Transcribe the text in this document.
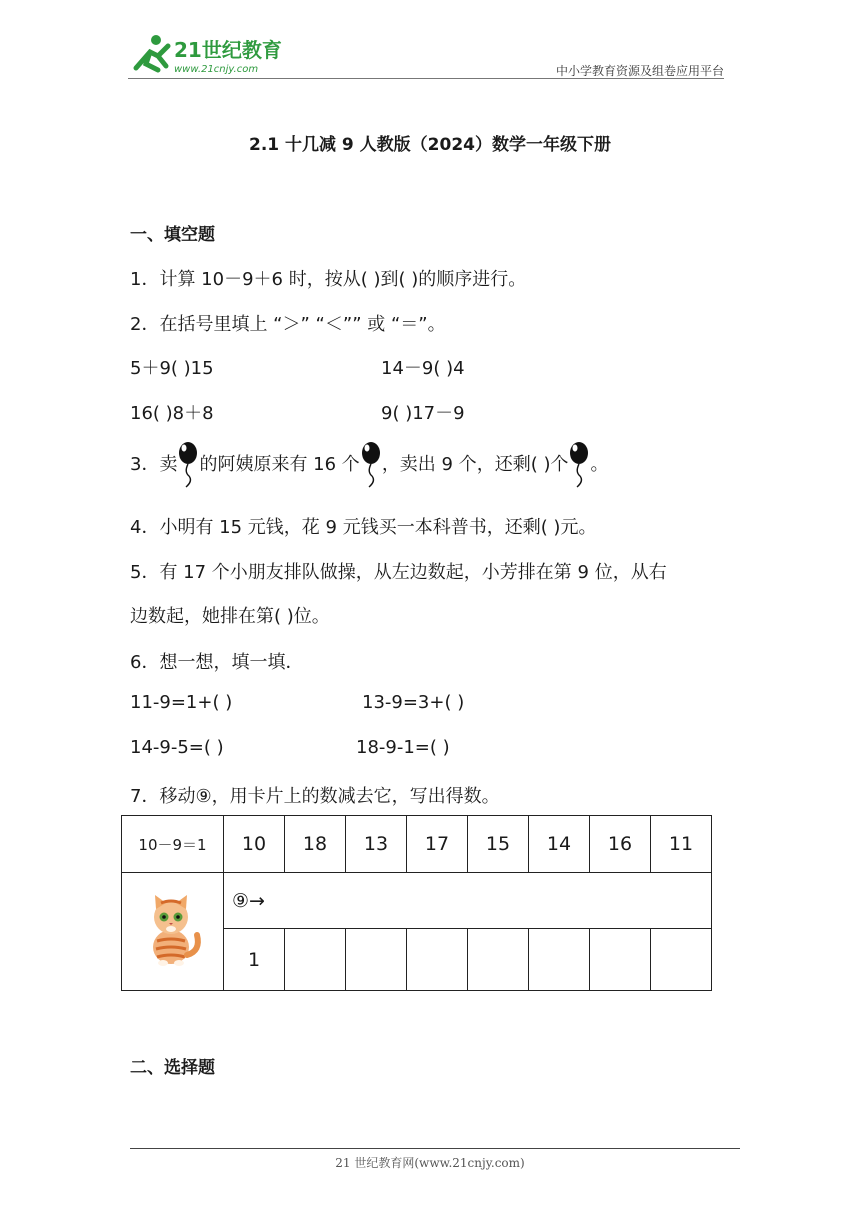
21世纪教育
www.21cnjy.com	中小学教育资源及组卷应用平台
2.1 十几减 9 人教版（2024）数学一年级下册
一、填空题
1．计算 10－9＋6 时，按从( )到( )的顺序进行。
2．在括号里填上 “＞” “＜”” 或 “＝”。
5＋9( )15	14－9( )4
16( )8＋8	9( )17－9
3．卖 的阿姨原来有 16 个 ，卖出 9 个，还剩( )个 。
4．小明有 15 元钱，花 9 元钱买一本科普书，还剩( )元。
5．有 17 个小朋友排队做操，从左边数起，小芳排在第 9 位，从右
边数起，她排在第( )位。
6．想一想，填一填．
11-9=1+( )	13-9=3+( )
14-9-5=( )	18-9-1=( )
7．移动⑨，用卡片上的数减去它，写出得数。
10－9＝1	10	18	13	17	15	14	16	11
	⑨→							
	1							
二、选择题
21 世纪教育网(www.21cnjy.com)
